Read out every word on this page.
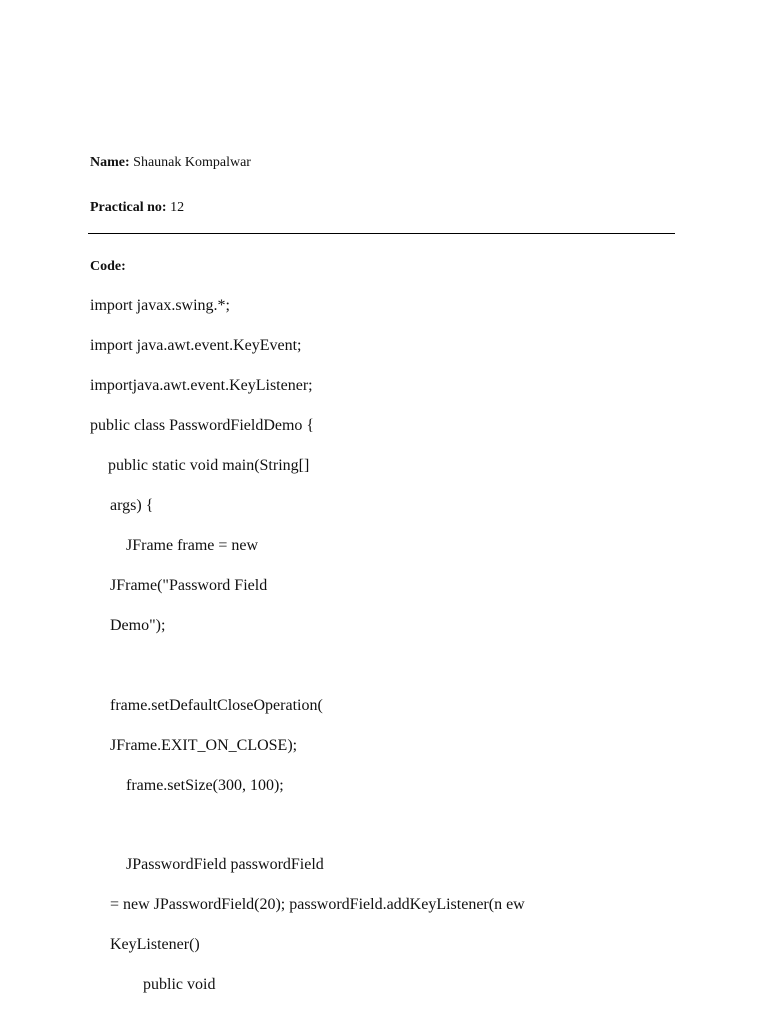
Name: Shaunak Kompalwar
Practical no: 12
Code:
import javax.swing.*;
import java.awt.event.KeyEvent;
importjava.awt.event.KeyListener;
public class PasswordFieldDemo {
public static void main(String[]
args) {
JFrame frame = new
JFrame("Password Field
Demo");
frame.setDefaultCloseOperation(
JFrame.EXIT_ON_CLOSE);
frame.setSize(300, 100);
JPasswordField passwordField
= new JPasswordField(20); passwordField.addKeyListener(n ew
KeyListener()
public void
